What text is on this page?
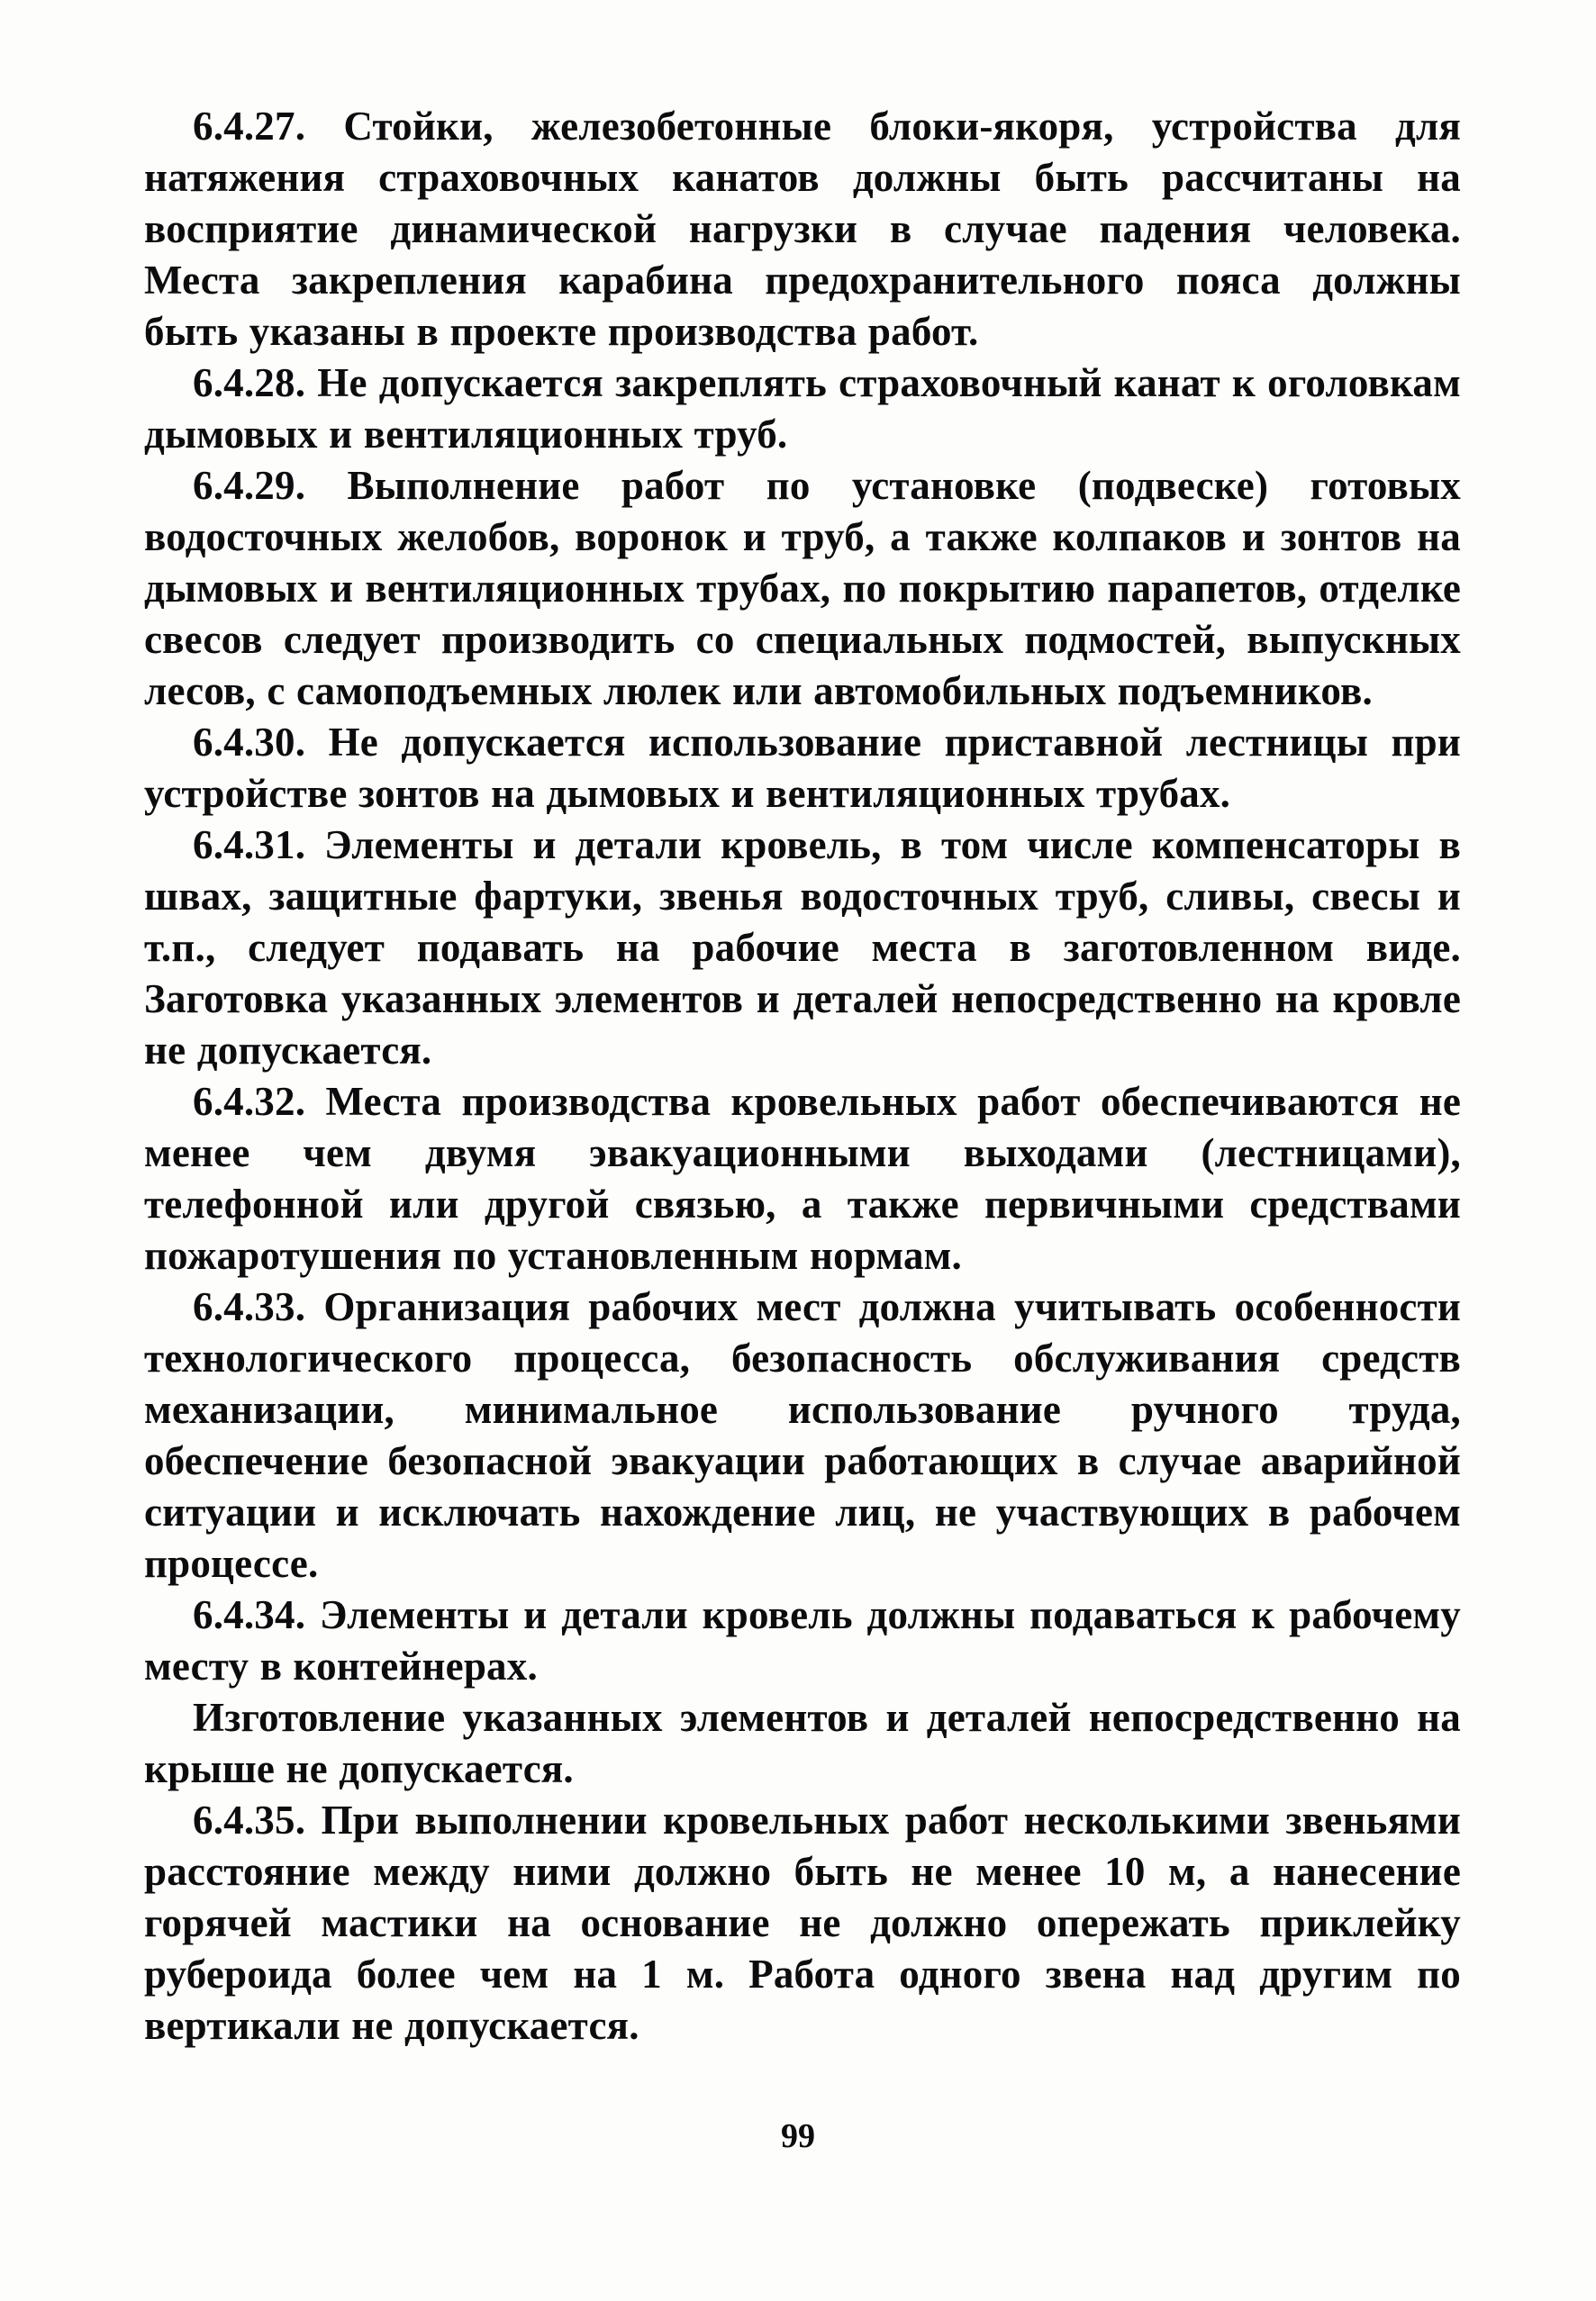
6.4.27. Стойки, железобетонные блоки-якоря, устройства для натяжения страховочных канатов должны быть рассчитаны на восприятие динамической нагрузки в случае падения человека. Места закрепления карабина предохранительного пояса должны быть указаны в проекте производства работ.

6.4.28. Не допускается закреплять страховочный канат к оголовкам дымовых и вентиляционных труб.

6.4.29. Выполнение работ по установке (подвеске) готовых водосточных желобов, воронок и труб, а также колпаков и зонтов на дымовых и вентиляционных трубах, по покрытию парапетов, отделке свесов следует производить со специальных подмостей, выпускных лесов, с самоподъемных люлек или автомобильных подъемников.

6.4.30. Не допускается использование приставной лестницы при устройстве зонтов на дымовых и вентиляционных трубах.

6.4.31. Элементы и детали кровель, в том числе компенсаторы в швах, защитные фартуки, звенья водосточных труб, сливы, свесы и т.п., следует подавать на рабочие места в заготовленном виде. Заготовка указанных элементов и деталей непосредственно на кровле не допускается.

6.4.32. Места производства кровельных работ обеспечиваются не менее чем двумя эвакуационными выходами (лестницами), телефонной или другой связью, а также первичными средствами пожаротушения по установленным нормам.

6.4.33. Организация рабочих мест должна учитывать особенности технологического процесса, безопасность обслуживания средств механизации, минимальное использование ручного труда, обеспечение безопасной эвакуации работающих в случае аварийной ситуации и исключать нахождение лиц, не участвующих в рабочем процессе.

6.4.34. Элементы и детали кровель должны подаваться к рабочему месту в контейнерах.

Изготовление указанных элементов и деталей непосредственно на крыше не допускается.

6.4.35. При выполнении кровельных работ несколькими звеньями расстояние между ними должно быть не менее 10 м, а нанесение горячей мастики на основание не должно опережать приклейку рубероида более чем на 1 м. Работа одного звена над другим по вертикали не допускается.

99
